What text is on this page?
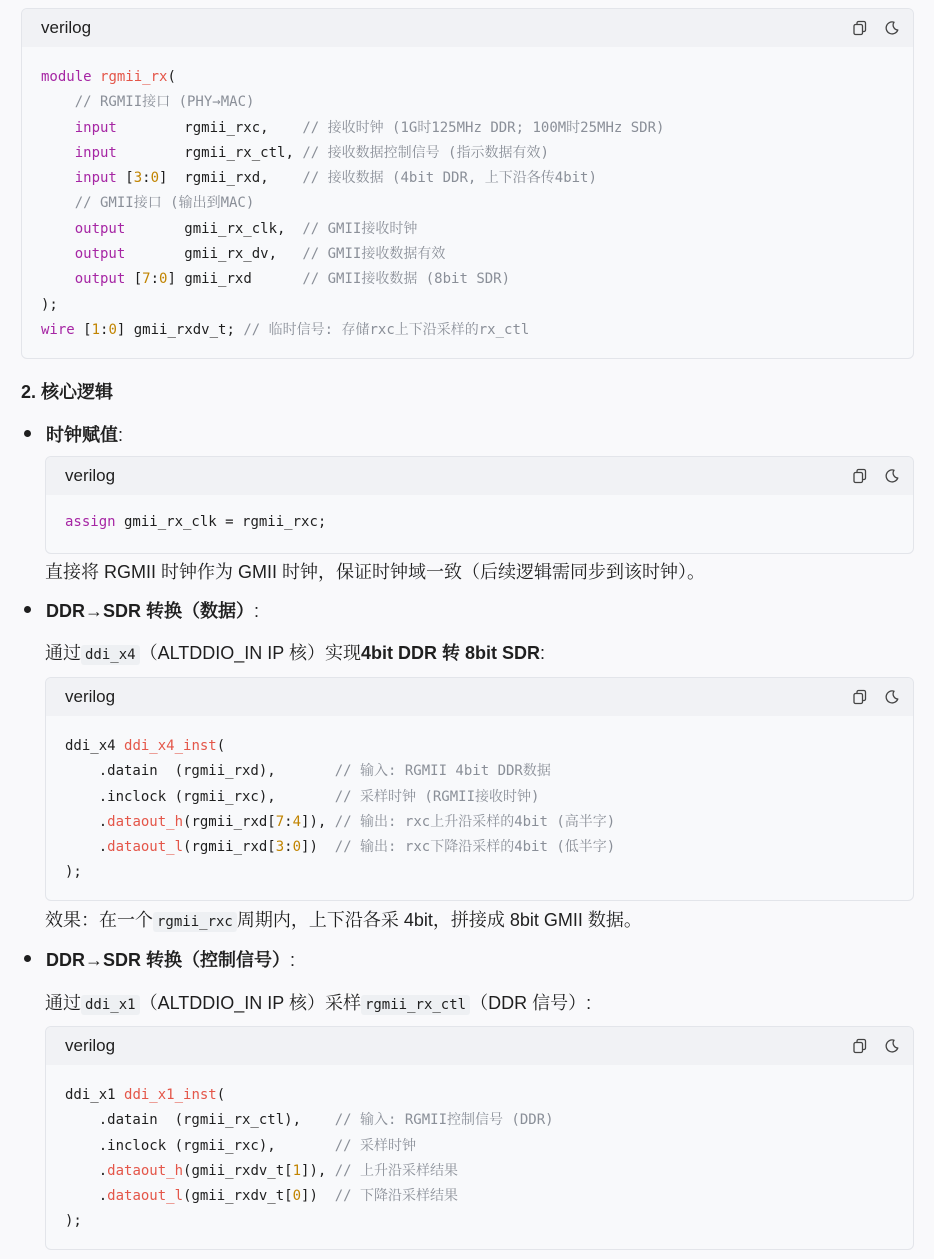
verilog
module rgmii_rx(
// RGMII接口 (PHY→MAC)
input        rgmii_rxc,    // 接收时钟 (1G时125MHz DDR; 100M时25MHz SDR)
input        rgmii_rx_ctl, // 接收数据控制信号 (指示数据有效)
input [3:0]  rgmii_rxd,    // 接收数据 (4bit DDR, 上下沿各传4bit)
// GMII接口 (输出到MAC)
output       gmii_rx_clk,  // GMII接收时钟
output       gmii_rx_dv,   // GMII接收数据有效
output [7:0] gmii_rxd      // GMII接收数据 (8bit SDR)
);
wire [1:0] gmii_rxdv_t; // 临时信号: 存储rxc上下沿采样的rx_ctl
2. 核心逻辑
时钟赋值:
verilog
assign gmii_rx_clk = rgmii_rxc;
直接将 RGMII 时钟作为 GMII 时钟，保证时钟域一致（后续逻辑需同步到该时钟）。
DDR→SDR 转换（数据）:
通过 ddi_x4 （ALTDDIO_IN IP 核）实现4bit DDR 转 8bit SDR:
verilog
ddi_x4 ddi_x4_inst(
.datain  (rgmii_rxd),	// 输入: RGMII 4bit DDR数据
.inclock (rgmii_rxc),	// 采样时钟 (RGMII接收时钟)
.dataout_h(rgmii_rxd[7:4]), // 输出: rxc上升沿采样的4bit (高半字)
.dataout_l(rgmii_rxd[3:0])  // 输出: rxc下降沿采样的4bit (低半字)
);
效果：在一个 rgmii_rxc 周期内，上下沿各采 4bit，拼接成 8bit GMII 数据。
DDR→SDR 转换（控制信号）:
通过 ddi_x1 （ALTDDIO_IN IP 核）采样 rgmii_rx_ctl （DDR 信号）:
verilog
ddi_x1 ddi_x1_inst(
.datain  (rgmii_rx_ctl),    // 输入: RGMII控制信号 (DDR)
.inclock (rgmii_rxc),	// 采样时钟
.dataout_h(gmii_rxdv_t[1]), // 上升沿采样结果
.dataout_l(gmii_rxdv_t[0])  // 下降沿采样结果
);
